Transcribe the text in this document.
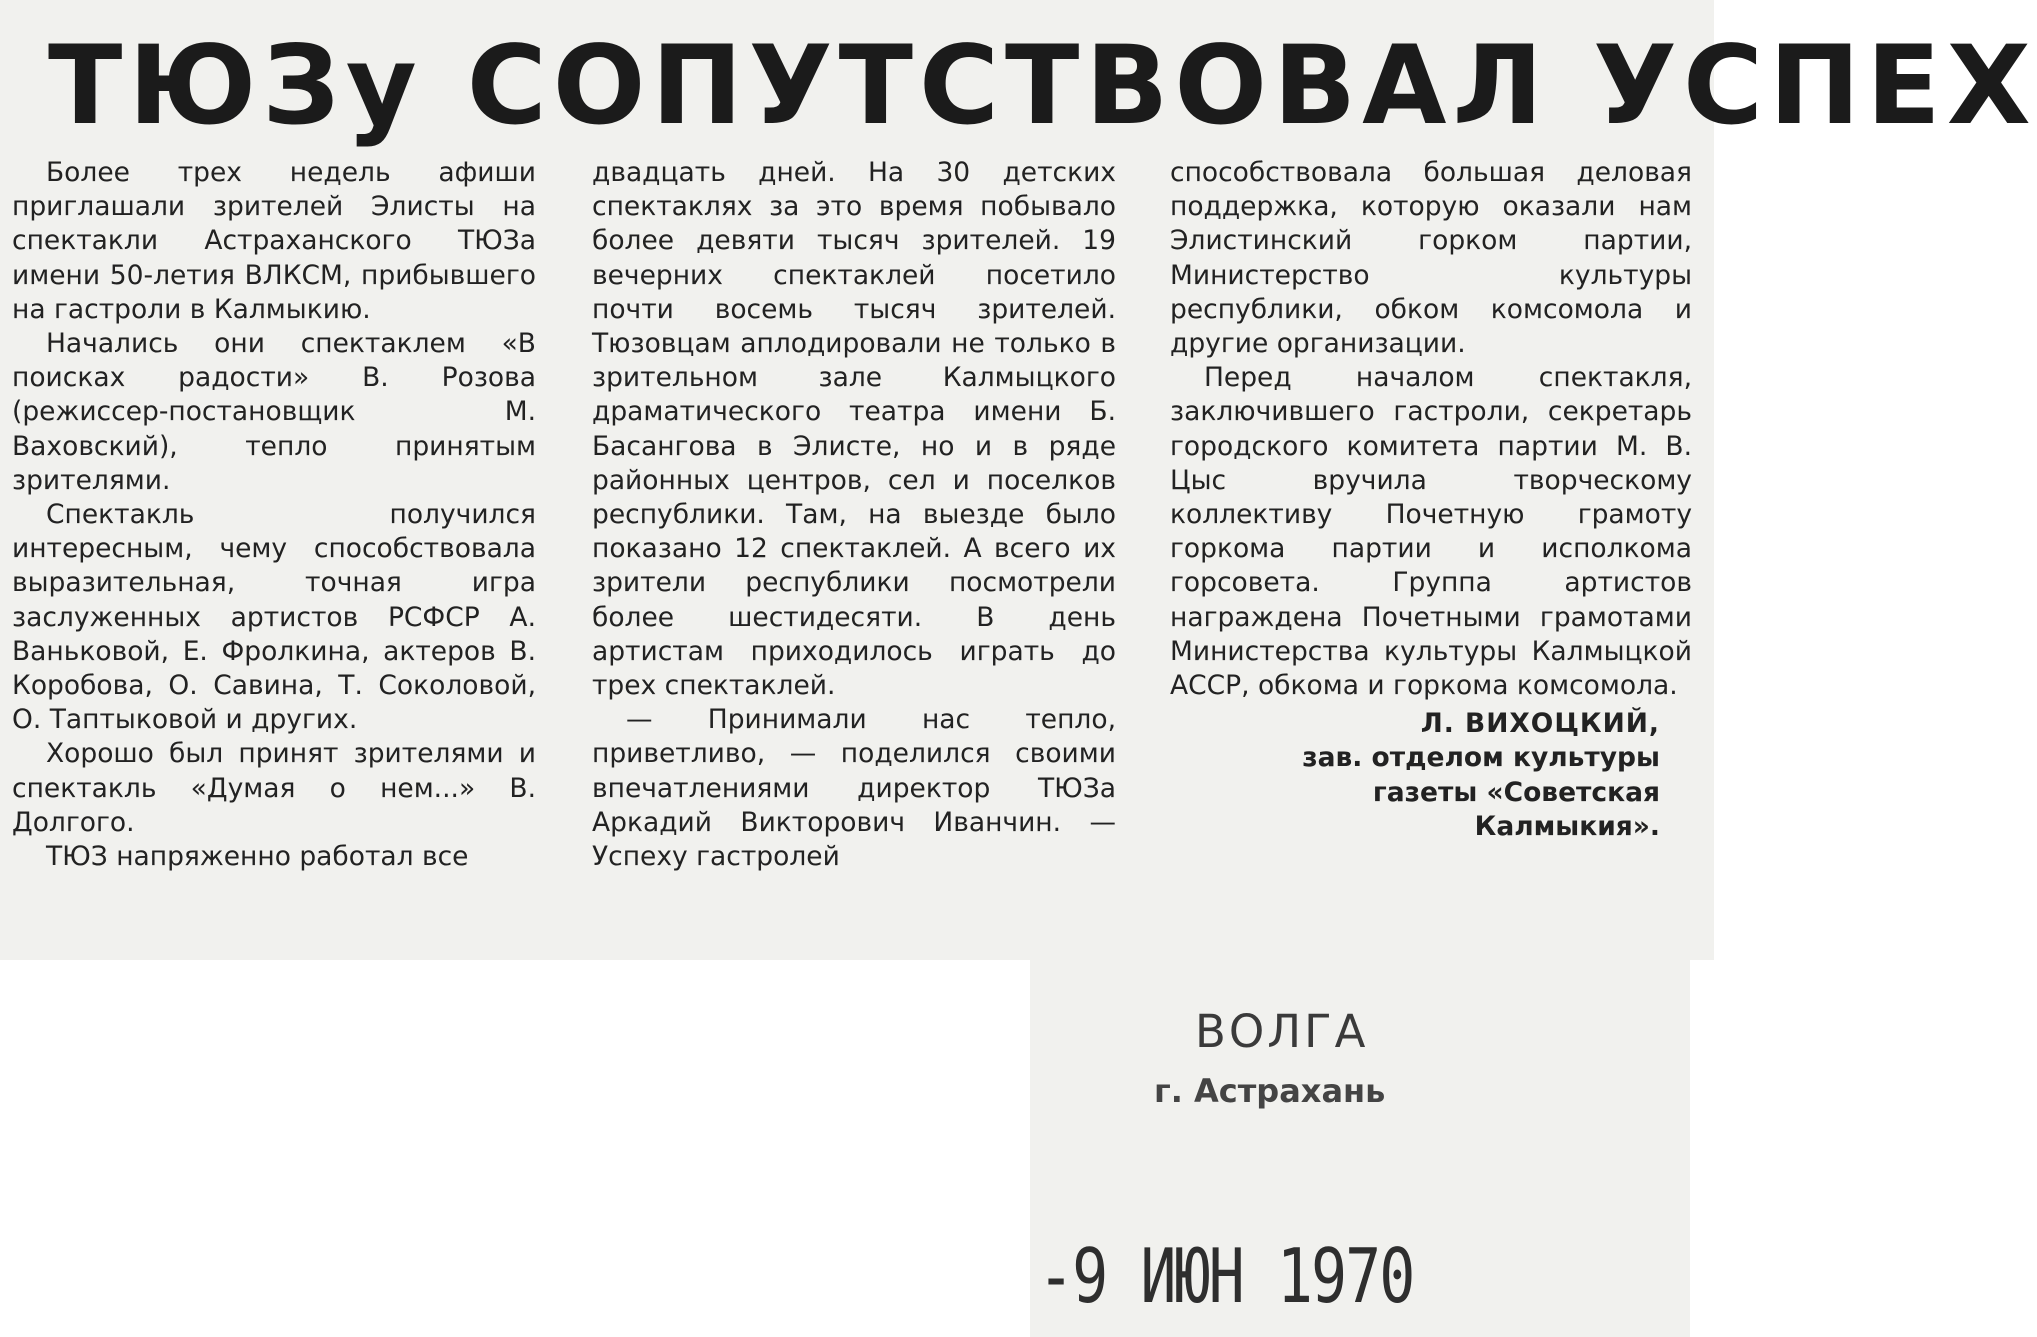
ТЮЗу СОПУТСТВОВАЛ УСПЕХ

Более трех недель афиши приглашали зрителей Элисты на спектакли Астраханского ТЮЗа имени 50-летия ВЛКСМ, прибывшего на гастроли в Калмыкию.

Начались они спектаклем «В поисках радости» В. Розова (режиссер-постановщик М. Ваховский), тепло принятым зрителями.

Спектакль получился интересным, чему способствовала выразительная, точная игра заслуженных артистов РСФСР А. Ваньковой, Е. Фролкина, актеров В. Коробова, О. Савина, Т. Соколовой, О. Таптыковой и других.

Хорошо был принят зрителями и спектакль «Думая о нем...» В. Долгого.

ТЮЗ напряженно работал все

двадцать дней. На 30 детских спектаклях за это время побывало более девяти тысяч зрителей. 19 вечерних спектаклей посетило почти восемь тысяч зрителей. Тюзовцам аплодировали не только в зрительном зале Калмыцкого драматического театра имени Б. Басангова в Элисте, но и в ряде районных центров, сел и поселков республики. Там, на выезде было показано 12 спектаклей. А всего их зрители республики посмотрели более шестидесяти. В день артистам приходилось играть до трех спектаклей.

— Принимали нас тепло, приветливо, — поделился своими впечатлениями директор ТЮЗа Аркадий Викторович Иванчин. — Успеху гастролей

способствовала большая деловая поддержка, которую оказали нам Элистинский горком партии, Министерство культуры республики, обком комсомола и другие организации.

Перед началом спектакля, заключившего гастроли, секретарь городского комитета партии М. В. Цыс вручила творческому коллективу Почетную грамоту горкома партии и исполкома горсовета. Группа артистов награждена Почетными грамотами Министерства культуры Калмыцкой АССР, обкома и горкома комсомола.

Л. ВИХОЦКИЙ,
зав. отделом культуры
газеты «Советская
Калмыкия».
ВОЛГА
г. Астрахань
-9 ИЮН 1970
